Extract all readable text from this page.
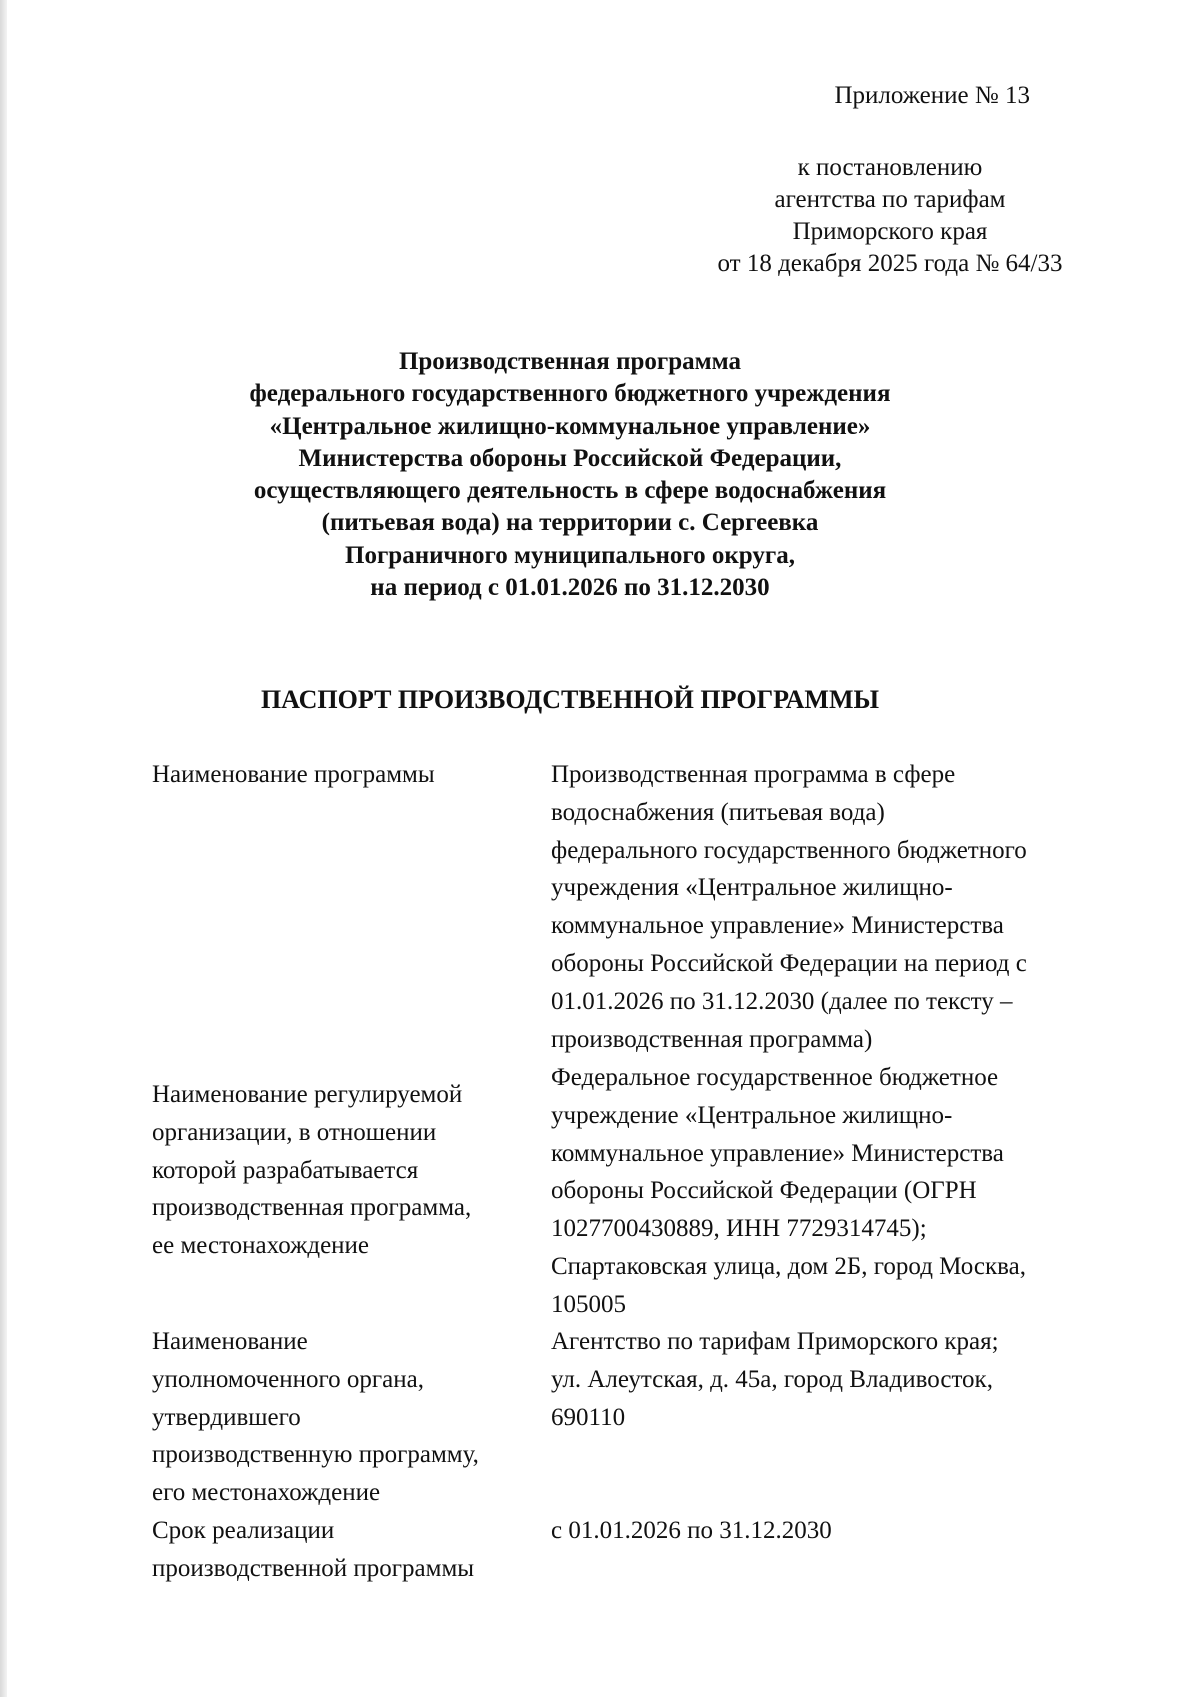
Приложение № 13
к постановлению
агентства по тарифам
Приморского края
от 18 декабря 2025 года № 64/33
Производственная программа
федерального государственного бюджетного учреждения
«Центральное жилищно-коммунальное управление»
Министерства обороны Российской Федерации,
осуществляющего деятельность в сфере водоснабжения
(питьевая вода) на территории с. Сергеевка
Пограничного муниципального округа,
на период с 01.01.2026 по 31.12.2030
ПАСПОРТ ПРОИЗВОДСТВЕННОЙ ПРОГРАММЫ
Наименование программы	Производственная программа в сфере
водоснабжения (питьевая вода)
федерального государственного бюджетного
учреждения «Центральное жилищно-
коммунальное управление» Министерства
обороны Российской Федерации на период с
01.01.2026 по 31.12.2030 (далее по тексту –
производственная программа)
Наименование регулируемой
организации, в отношении
которой разрабатывается
производственная программа,
ее местонахождение
Федеральное государственное бюджетное
учреждение «Центральное жилищно-
коммунальное управление» Министерства
обороны Российской Федерации (ОГРН
1027700430889, ИНН 7729314745);
Спартаковская улица, дом 2Б, город Москва,
105005
Наименование
уполномоченного органа,
утвердившего
производственную программу,
его местонахождение
Агентство по тарифам Приморского края;
ул. Алеутская, д. 45а, город Владивосток,
690110
Срок реализации
производственной программы
с 01.01.2026 по 31.12.2030
